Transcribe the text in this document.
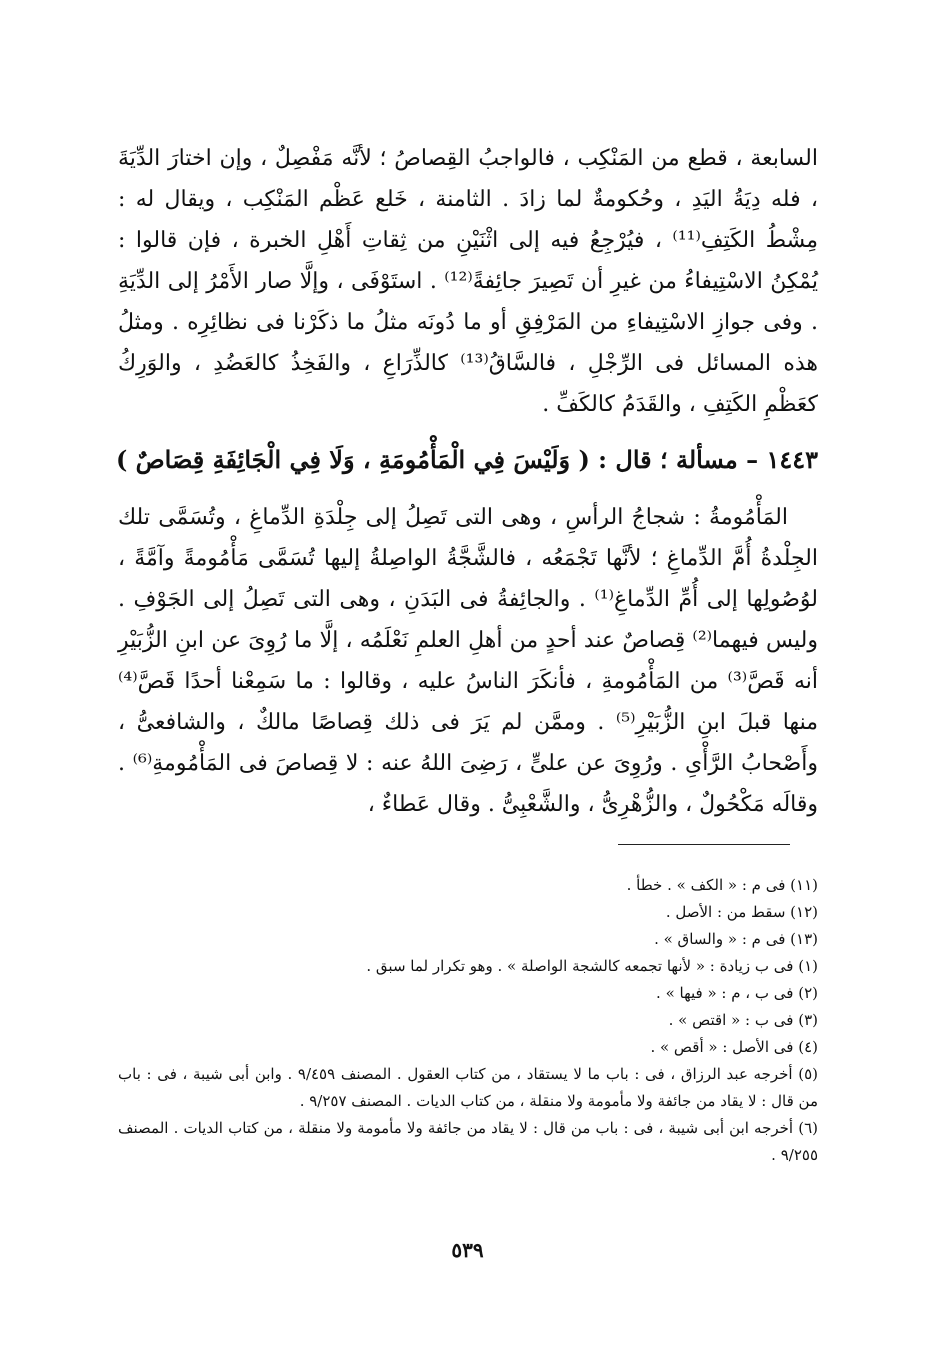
السابعة ، قطع من المَنْكِب ، فالواجبُ القِصاصُ ؛ لأنَّه مَفْصِلٌ ، وإن اختارَ الدِّيَةَ ، فله دِيَةُ اليَدِ ، وحُكومةٌ لما زادَ . الثامنة ، خَلع عَظْم المَنْكِب ، ويقال له : مِشْطُ الكَتِفِ⁽¹¹⁾ ، فيُرْجِعُ فيه إلى اثْنَيْنِ من ثِقاتِ أَهْلِ الخبرة ، فإن قالوا : يُمْكِنُ الاسْتِيفاءُ من غيرِ أن تَصِيرَ جائِفةً⁽¹²⁾ . استَوْفَى ، وإلَّا صار الأَمْرُ إلى الدِّيَةِ . وفى جوازِ الاسْتِيفاءِ من المَرْفِقِ أو ما دُونَه مثلُ ما ذكَرْنا فى نظائِرِه . ومثلُ هذه المسائل فى الرِّجْلِ ، فالسَّاقُ⁽¹³⁾ كالذِّرَاعِ ، والفَخِذُ كالعَضُدِ ، والوَرِكُ كعَظْمِ الكَتِفِ ، والقَدَمُ كالكَفِّ .

١٤٤٣ – مسألة ؛ قال : ( وَلَيْسَ فِي الْمَأْمُومَةِ ، وَلَا فِي الْجَائِفَةِ قِصَاصٌ )

المَأْمُومةُ : شجاجُ الرأسِ ، وهى التى تَصِلُ إلى جِلْدَةِ الدِّماغِ ، وتُسَمَّى تلك الجِلْدةُ أُمَّ الدِّماغِ ؛ لأنَّها تَجْمَعُه ، فالشَّجَّةُ الواصِلةُ إليها تُسَمَّى مَأْمُومةً وآمَّةً ، لوُصُولِها إلى أُمِّ الدِّماغِ⁽¹⁾ . والجائِفةُ فى البَدَنِ ، وهى التى تَصِلُ إلى الجَوْفِ . وليس فيهما⁽²⁾ قِصاصٌ عند أحدٍ من أهلِ العلمِ نَعْلَمُه ، إلَّا ما رُوِىَ عن ابنِ الزُّبَيْرِ أنه قَصَّ⁽³⁾ من المَأْمُومةِ ، فأنكَرَ الناسُ عليه ، وقالوا : ما سَمِعْنا أحدًا قَصَّ⁽⁴⁾ منها قبلَ ابنِ الزُّبَيْرِ⁽⁵⁾ . وممَّن لم يَرَ فى ذلك قِصاصًا مالكٌ ، والشافعىُّ ، وأَصْحابُ الرَّأْىِ . ورُوِىَ عن علىٍّ ، رَضِىَ اللهُ عنه : لا قِصاصَ فى المَأْمُومةِ⁽⁶⁾ . وقالَه مَكْحُولٌ ، والزُّهْرِىُّ ، والشَّعْبِىُّ . وقال عَطاءٌ ،

(١١) فى م : « الكف » . خطأ .

(١٢) سقط من : الأصل .

(١٣) فى م : « والساق » .

(١) فى ب زيادة : « لأنها تجمعه كالشجة الواصلة » . وهو تكرار لما سبق .

(٢) فى ب ، م : « فيها » .

(٣) فى ب : « اقتص » .

(٤) فى الأصل : « أقص » .

(٥) أخرجه عبد الرزاق ، فى : باب ما لا يستقاد ، من كتاب العقول . المصنف ٩/٤٥٩ . وابن أبى شيبة ، فى : باب من قال : لا يقاد من جائفة ولا مأمومة ولا منقلة ، من كتاب الديات . المصنف ٩/٢٥٧ .

(٦) أخرجه ابن أبى شيبة ، فى : باب من قال : لا يقاد من جائفة ولا مأمومة ولا منقلة ، من كتاب الديات . المصنف ٩/٢٥٥ .

٥٣٩
